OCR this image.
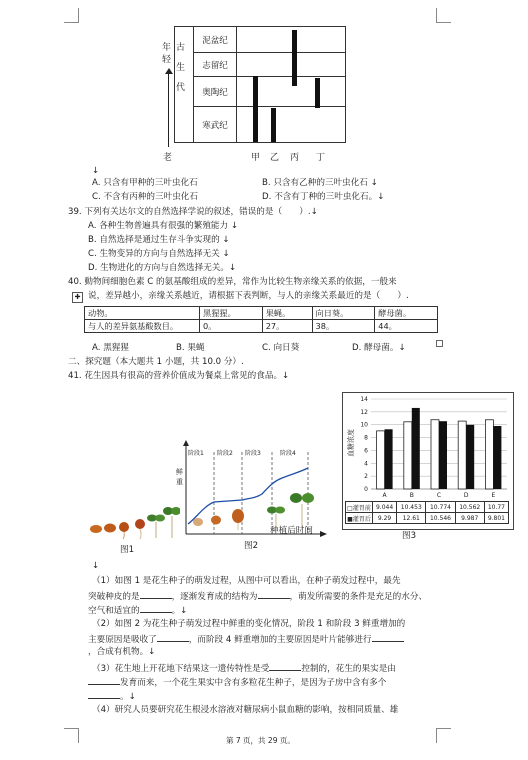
古
生
代
年
轻
老
	泥盆纪	
	志留纪	
	奥陶纪	
	寒武纪	
甲 乙 丙 丁
↓
A. 只含有甲种的三叶虫化石	B. 只含有乙种的三叶虫化石 ↓
C. 不含有丙种的三叶虫化石	D. 不含有丁种的三叶虫化石。↓
39. 下列有关达尔文的自然选择学说的叙述，错误的是（　　）.↓
A. 各种生物普遍具有很强的繁殖能力 ↓
B. 自然选择是通过生存斗争实现的 ↓
C. 生物变异的方向与自然选择无关 ↓
D. 生物进化的方向与自然选择无关。↓
40. 動物间细胞色素 C 的氨基酸组成的差异，常作为比较生物亲缘关系的依据，一般来
✚ 说，差异越小，亲缘关系越近，请根据下表判断，与人的亲缘关系最近的是（　　）.
动物。	黑猩猩。	果蝇。	向日葵。	酵母菌。
与人的差异氨基酸数目。	0。	27。	38。	44。
A. 黑猩猩	B. 果蝇	C. 向日葵	D. 酵母菌。↓
二、探究题（本大题共 1 小题，共 10.0 分）.
41. 花生因具有很高的营养价值成为餐桌上常见的食品。↓
图1
阶段1 阶段2 阶段3	阶段4
鲜
重
种植后时间
图2
血糖浓度
0
2
4
6
8
10
12
14
A	B	C	D	E
□灌胃前	9.044	10.453	10.774	10.562	10.77
■灌胃后	9.29	12.61	10.546	9.987	9.801
图3
↓
（1）如图 1 是花生种子的萌发过程，从图中可以看出，在种子萌发过程中，最先
突破种皮的是	，逐渐发育成的结构为	，萌发所需要的条件是充足的水分、
空气和适宜的	。↓
（2）如图 2 为花生种子萌发过程中鲜重的变化情况，阶段 1 和阶段 3 鲜重增加的
主要原因是吸收了	，而阶段 4 鲜重增加的主要原因是叶片能够进行
，合成有机物。↓
（3）花生地上开花地下结果这一遗传特性是受	控制的，花生的果实是由
发育而来，一个花生果实中含有多粒花生种子，是因为子房中含有多个
。↓
（4）研究人员要研究花生根浸水溶液对糖尿病小鼠血糖的影响，按相同质量、雄
第 7 页，共 29 页。
